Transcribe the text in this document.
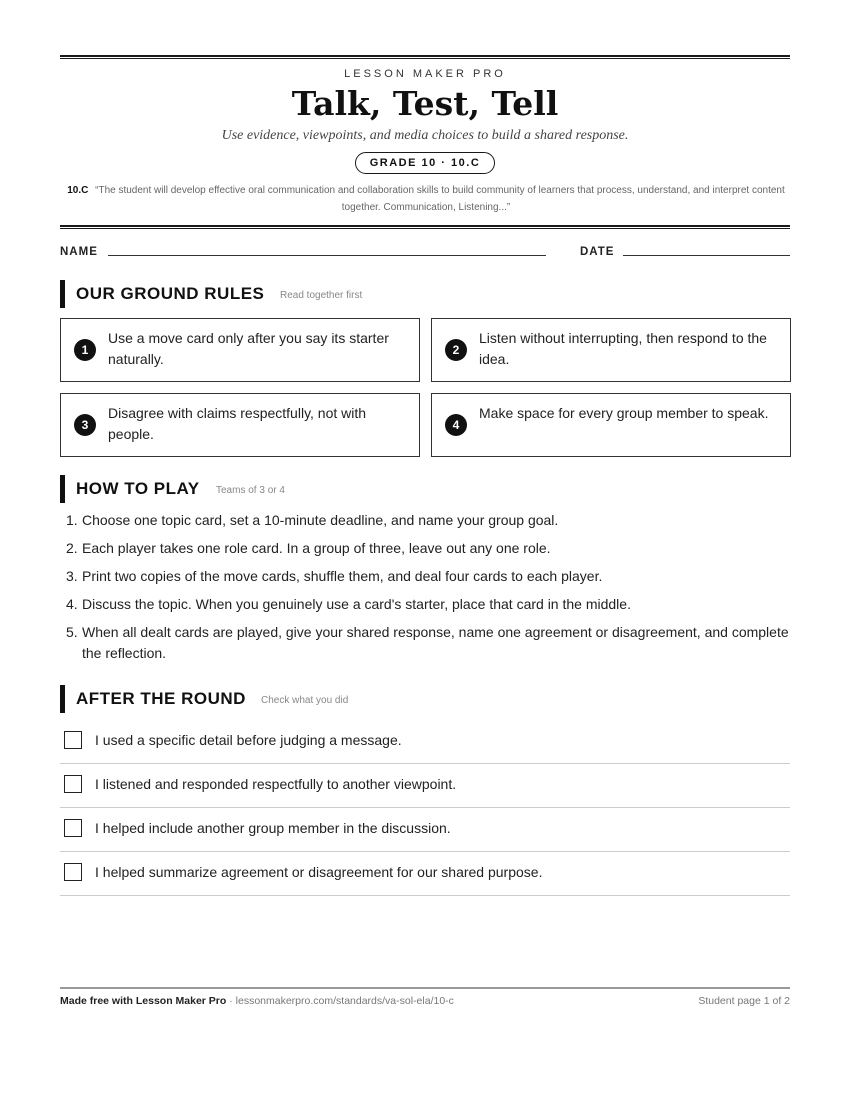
LESSON MAKER PRO
Talk, Test, Tell
Use evidence, viewpoints, and media choices to build a shared response.
GRADE 10 · 10.C
10.C “The student will develop effective oral communication and collaboration skills to build community of learners that process, understand, and interpret content together. Communication, Listening...”
NAME	DATE
OUR GROUND RULES Read together first
1
Use a move card only after you say its starter naturally.
2
Listen without interrupting, then respond to the idea.
3
Disagree with claims respectfully, not with people.
4
Make space for every group member to speak.
HOW TO PLAY Teams of 3 or 4
1. Choose one topic card, set a 10-minute deadline, and name your group goal.
2. Each player takes one role card. In a group of three, leave out any one role.
3. Print two copies of the move cards, shuffle them, and deal four cards to each player.
4. Discuss the topic. When you genuinely use a card's starter, place that card in the middle.
5. When all dealt cards are played, give your shared response, name one agreement or disagreement, and complete the reflection.
AFTER THE ROUND Check what you did
I used a specific detail before judging a message.
I listened and responded respectfully to another viewpoint.
I helped include another group member in the discussion.
I helped summarize agreement or disagreement for our shared purpose.
Made free with Lesson Maker Pro · lessonmakerpro.com/standards/va-sol-ela/10-c	Student page 1 of 2
